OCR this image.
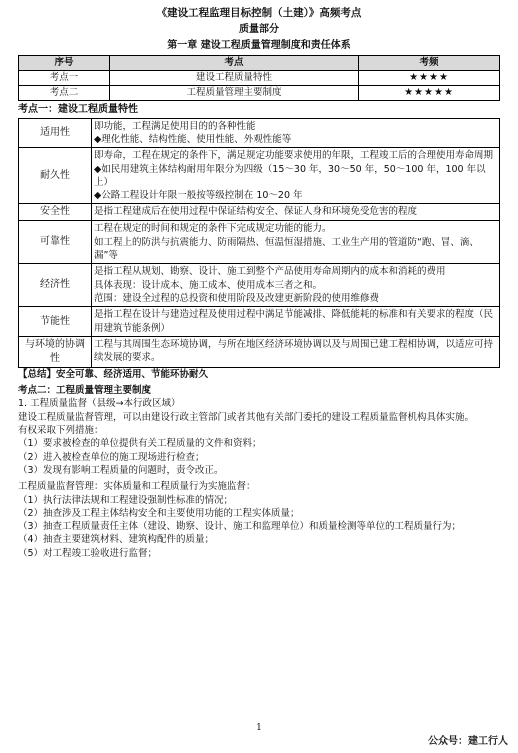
《建设工程监理目标控制（土建）》高频考点
质量部分
第一章 建设工程质量管理制度和责任体系
序号	考点	考频
考点一	建设工程质量特性	★★★★
考点二	工程质量管理主要制度	★★★★★
考点一：建设工程质量特性
适用性	即功能，工程满足使用目的的各种性能

◆理化性能、结构性能、使用性能、外观性能等

耐久性	即寿命，工程在规定的条件下，满足规定功能要求使用的年限，工程竣工后的合理使用寿命周期

◆如民用建筑主体结构耐用年限分为四级（15～30 年，30～50 年，50～100 年，100 年以上）

◆公路工程设计年限一般按等级控制在 10～20 年

安全性	是指工程建成后在使用过程中保证结构安全、保证人身和环境免受危害的程度

可靠性	工程在规定的时间和规定的条件下完成规定功能的能力。

如工程上的防洪与抗震能力、防雨隔热、恒温恒湿措施、工业生产用的管道防“跑、冒、滴、漏”等

经济性	是指工程从规划、勘察、设计、施工到整个产品使用寿命周期内的成本和消耗的费用

具体表现：设计成本、施工成本、使用成本三者之和。

范围：建设全过程的总投资和使用阶段及改建更新阶段的使用维修费

节能性	是指工程在设计与建造过程及使用过程中满足节能减排、降低能耗的标准和有关要求的程度（民用建筑节能条例）

与环境的协调性	工程与其周围生态环境协调，与所在地区经济环境协调以及与周围已建工程相协调，以适应可持续发展的要求。

【总结】安全可靠、经济适用、节能环协耐久

考点二：工程质量管理主要制度

1. 工程质量监督（县级→本行政区域）

建设工程质量监督管理，可以由建设行政主管部门或者其他有关部门委托的建设工程质量监督机构具体实施。

有权采取下列措施：

（1）要求被检查的单位提供有关工程质量的文件和资料；

（2）进入被检查单位的施工现场进行检查；

（3）发现有影响工程质量的问题时，责令改正。

工程质量监督管理：实体质量和工程质量行为实施监督：

（1）执行法律法规和工程建设强制性标准的情况；

（2）抽查涉及工程主体结构安全和主要使用功能的工程实体质量；

（3）抽查工程质量责任主体（建设、勘察、设计、施工和监理单位）和质量检测等单位的工程质量行为；

（4）抽查主要建筑材料、建筑构配件的质量；

（5）对工程竣工验收进行监督；

1
公众号：建工行人
